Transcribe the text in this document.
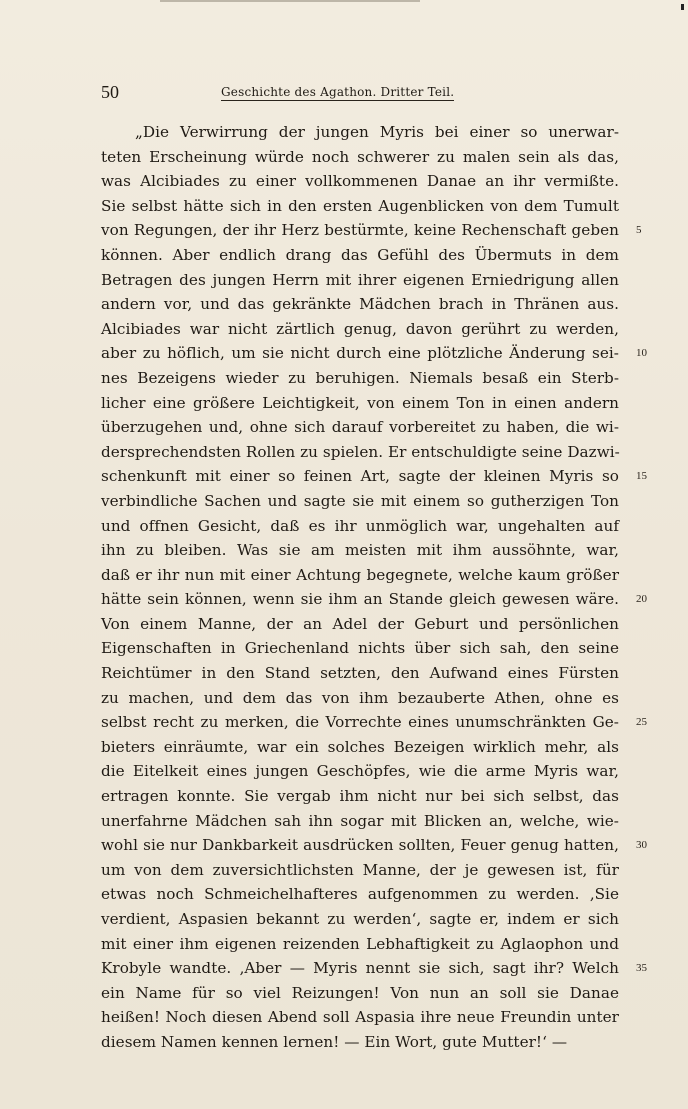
50	Geschichte des Agathon. Dritter Teil.
„Die Verwirrung der jungen Myris bei einer so unerwar-
teten Erscheinung würde noch schwerer zu malen sein als das,
was Alcibiades zu einer vollkommenen Danae an ihr vermißte.
Sie selbst hätte sich in den ersten Augenblicken von dem Tumult
von Regungen, der ihr Herz bestürmte, keine Rechenschaft geben 5
können. Aber endlich drang das Gefühl des Übermuts in dem
Betragen des jungen Herrn mit ihrer eigenen Erniedrigung allen
andern vor, und das gekränkte Mädchen brach in Thränen aus.
Alcibiades war nicht zärtlich genug, davon gerührt zu werden,
aber zu höflich, um sie nicht durch eine plötzliche Änderung sei- 10
nes Bezeigens wieder zu beruhigen. Niemals besaß ein Sterb-
licher eine größere Leichtigkeit, von einem Ton in einen andern
überzugehen und, ohne sich darauf vorbereitet zu haben, die wi-
dersprechendsten Rollen zu spielen. Er entschuldigte seine Dazwi-
schenkunft mit einer so feinen Art, sagte der kleinen Myris so 15
verbindliche Sachen und sagte sie mit einem so gutherzigen Ton
und offnen Gesicht, daß es ihr unmöglich war, ungehalten auf
ihn zu bleiben. Was sie am meisten mit ihm aussöhnte, war,
daß er ihr nun mit einer Achtung begegnete, welche kaum größer
hätte sein können, wenn sie ihm an Stande gleich gewesen wäre. 20
Von einem Manne, der an Adel der Geburt und persönlichen
Eigenschaften in Griechenland nichts über sich sah, den seine
Reichtümer in den Stand setzten, den Aufwand eines Fürsten
zu machen, und dem das von ihm bezauberte Athen, ohne es
selbst recht zu merken, die Vorrechte eines unumschränkten Ge- 25
bieters einräumte, war ein solches Bezeigen wirklich mehr, als
die Eitelkeit eines jungen Geschöpfes, wie die arme Myris war,
ertragen konnte. Sie vergab ihm nicht nur bei sich selbst, das
unerfahrne Mädchen sah ihn sogar mit Blicken an, welche, wie-
wohl sie nur Dankbarkeit ausdrücken sollten, Feuer genug hatten, 30
um von dem zuversichtlichsten Manne, der je gewesen ist, für
etwas noch Schmeichelhafteres aufgenommen zu werden. ‚Sie
verdient, Aspasien bekannt zu werden‘, sagte er, indem er sich
mit einer ihm eigenen reizenden Lebhaftigkeit zu Aglaophon und
Krobyle wandte. ‚Aber — Myris nennt sie sich, sagt ihr? Welch 35
ein Name für so viel Reizungen! Von nun an soll sie Danae
heißen! Noch diesen Abend soll Aspasia ihre neue Freundin unter
diesem Namen kennen lernen! — Ein Wort, gute Mutter!‘ —
